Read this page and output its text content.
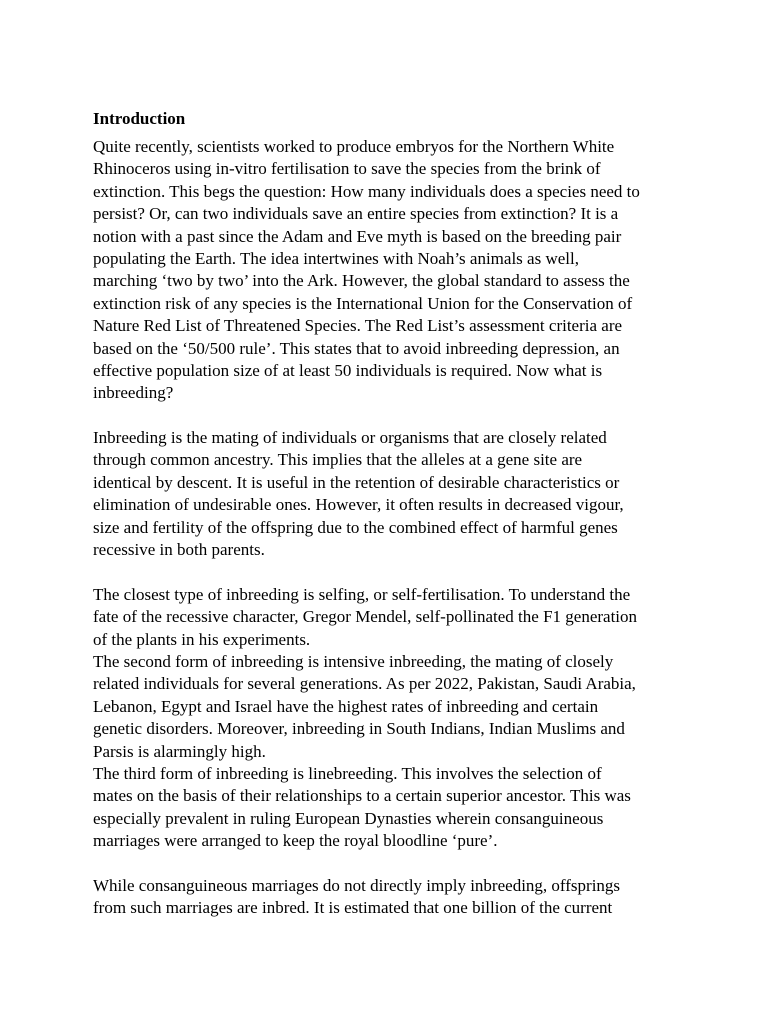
Introduction
Quite recently, scientists worked to produce embryos for the Northern White
Rhinoceros using in-vitro fertilisation to save the species from the brink of
extinction. This begs the question: How many individuals does a species need to
persist? Or, can two individuals save an entire species from extinction? It is a
notion with a past since the Adam and Eve myth is based on the breeding pair
populating the Earth. The idea intertwines with Noah’s animals as well,
marching ‘two by two’ into the Ark. However, the global standard to assess the
extinction risk of any species is the International Union for the Conservation of
Nature Red List of Threatened Species. The Red List’s assessment criteria are
based on the ‘50/500 rule’. This states that to avoid inbreeding depression, an
effective population size of at least 50 individuals is required. Now what is
inbreeding?
Inbreeding is the mating of individuals or organisms that are closely related
through common ancestry. This implies that the alleles at a gene site are
identical by descent. It is useful in the retention of desirable characteristics or
elimination of undesirable ones. However, it often results in decreased vigour,
size and fertility of the offspring due to the combined effect of harmful genes
recessive in both parents.
The closest type of inbreeding is selfing, or self-fertilisation. To understand the
fate of the recessive character, Gregor Mendel, self-pollinated the F1 generation
of the plants in his experiments.
The second form of inbreeding is intensive inbreeding, the mating of closely
related individuals for several generations. As per 2022, Pakistan, Saudi Arabia,
Lebanon, Egypt and Israel have the highest rates of inbreeding and certain
genetic disorders. Moreover, inbreeding in South Indians, Indian Muslims and
Parsis is alarmingly high.
The third form of inbreeding is linebreeding. This involves the selection of
mates on the basis of their relationships to a certain superior ancestor. This was
especially prevalent in ruling European Dynasties wherein consanguineous
marriages were arranged to keep the royal bloodline ‘pure’.
While consanguineous marriages do not directly imply inbreeding, offsprings
from such marriages are inbred. It is estimated that one billion of the current
